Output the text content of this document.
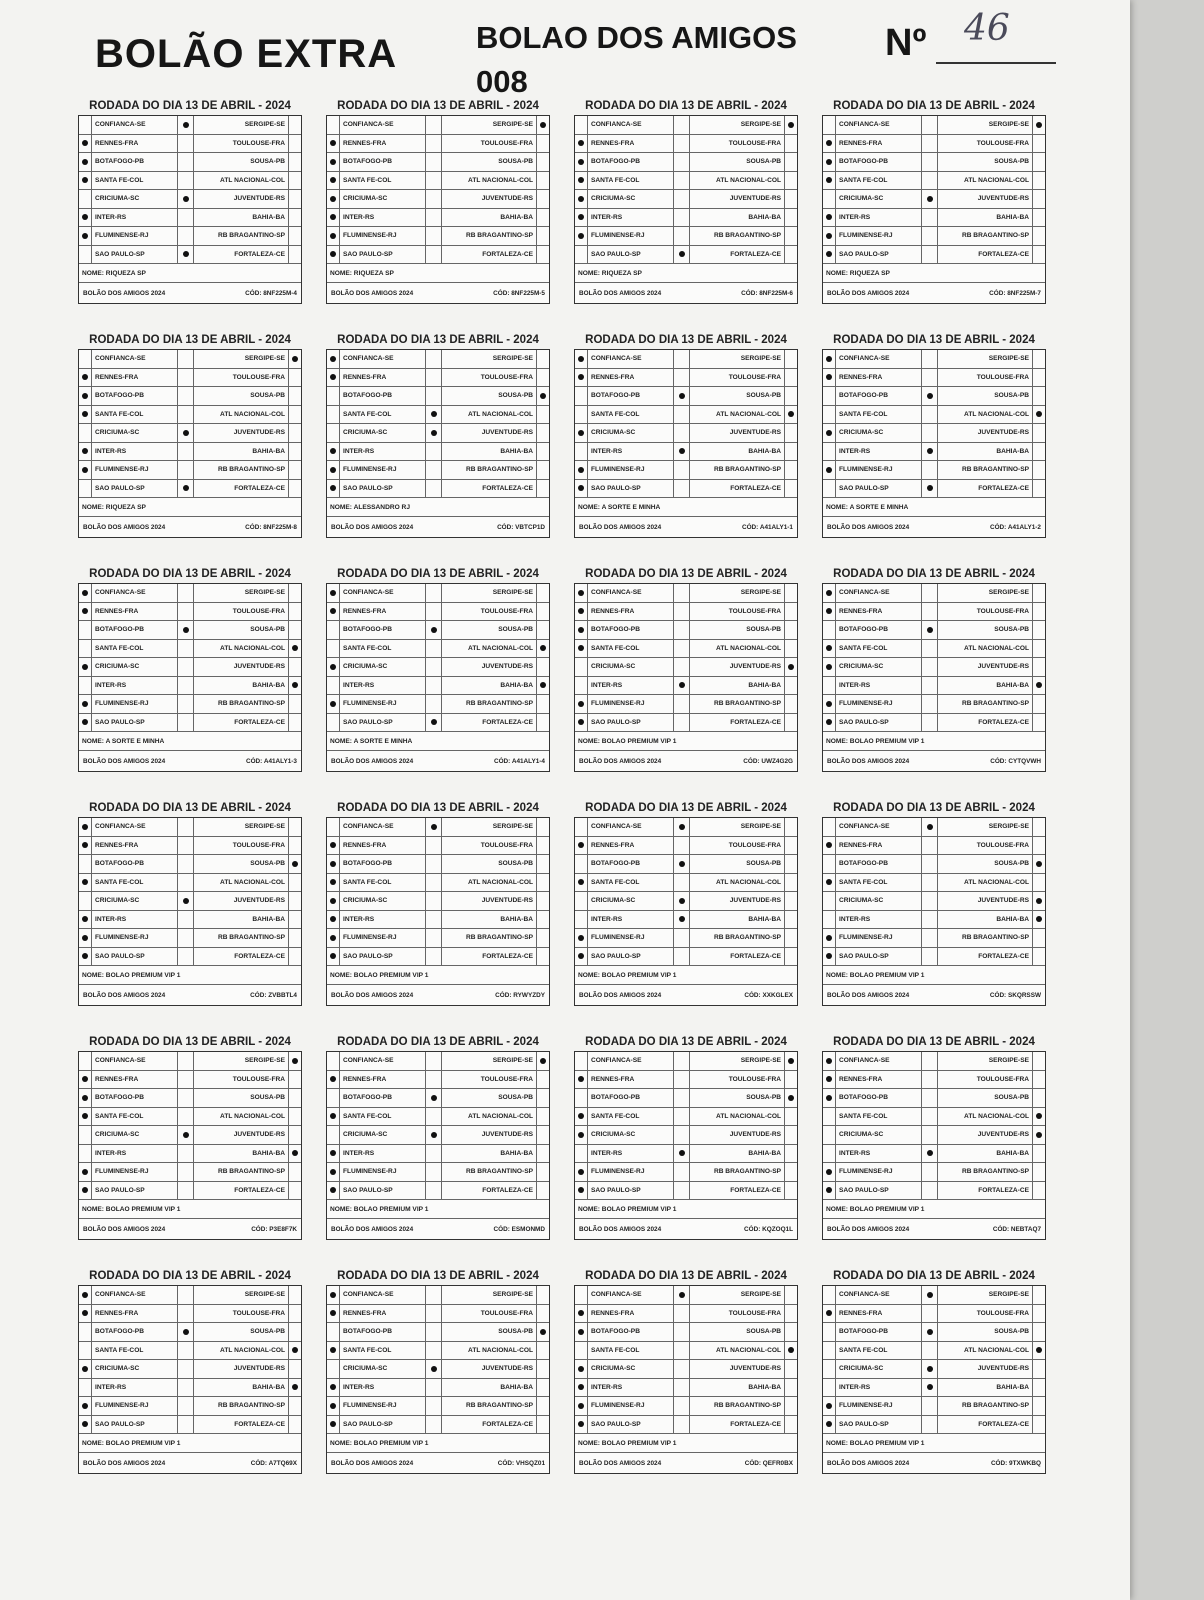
BOLÃO EXTRA	BOLAO DOS AMIGOS
008
Nº 46
RODADA DO DIA 13 DE ABRIL - 2024
CONFIANCA-SE	SERGIPE-SE
RENNES-FRA	TOULOUSE-FRA
BOTAFOGO-PB	SOUSA-PB
SANTA FE-COL	ATL NACIONAL-COL
CRICIUMA-SC	JUVENTUDE-RS
INTER-RS	BAHIA-BA
FLUMINENSE-RJ	RB BRAGANTINO-SP
SAO PAULO-SP	FORTALEZA-CE
NOME: RIQUEZA SP
BOLÃO DOS AMIGOS 2024	CÓD: 8NF225M-4
RODADA DO DIA 13 DE ABRIL - 2024
CONFIANCA-SE	SERGIPE-SE
RENNES-FRA	TOULOUSE-FRA
BOTAFOGO-PB	SOUSA-PB
SANTA FE-COL	ATL NACIONAL-COL
CRICIUMA-SC	JUVENTUDE-RS
INTER-RS	BAHIA-BA
FLUMINENSE-RJ	RB BRAGANTINO-SP
SAO PAULO-SP	FORTALEZA-CE
NOME: RIQUEZA SP
BOLÃO DOS AMIGOS 2024	CÓD: 8NF225M-5
RODADA DO DIA 13 DE ABRIL - 2024
CONFIANCA-SE	SERGIPE-SE
RENNES-FRA	TOULOUSE-FRA
BOTAFOGO-PB	SOUSA-PB
SANTA FE-COL	ATL NACIONAL-COL
CRICIUMA-SC	JUVENTUDE-RS
INTER-RS	BAHIA-BA
FLUMINENSE-RJ	RB BRAGANTINO-SP
SAO PAULO-SP	FORTALEZA-CE
NOME: RIQUEZA SP
BOLÃO DOS AMIGOS 2024	CÓD: 8NF225M-6
RODADA DO DIA 13 DE ABRIL - 2024
CONFIANCA-SE	SERGIPE-SE
RENNES-FRA	TOULOUSE-FRA
BOTAFOGO-PB	SOUSA-PB
SANTA FE-COL	ATL NACIONAL-COL
CRICIUMA-SC	JUVENTUDE-RS
INTER-RS	BAHIA-BA
FLUMINENSE-RJ	RB BRAGANTINO-SP
SAO PAULO-SP	FORTALEZA-CE
NOME: RIQUEZA SP
BOLÃO DOS AMIGOS 2024	CÓD: 8NF225M-7
RODADA DO DIA 13 DE ABRIL - 2024
CONFIANCA-SE	SERGIPE-SE
RENNES-FRA	TOULOUSE-FRA
BOTAFOGO-PB	SOUSA-PB
SANTA FE-COL	ATL NACIONAL-COL
CRICIUMA-SC	JUVENTUDE-RS
INTER-RS	BAHIA-BA
FLUMINENSE-RJ	RB BRAGANTINO-SP
SAO PAULO-SP	FORTALEZA-CE
NOME: RIQUEZA SP
BOLÃO DOS AMIGOS 2024	CÓD: 8NF225M-8
RODADA DO DIA 13 DE ABRIL - 2024
CONFIANCA-SE	SERGIPE-SE
RENNES-FRA	TOULOUSE-FRA
BOTAFOGO-PB	SOUSA-PB
SANTA FE-COL	ATL NACIONAL-COL
CRICIUMA-SC	JUVENTUDE-RS
INTER-RS	BAHIA-BA
FLUMINENSE-RJ	RB BRAGANTINO-SP
SAO PAULO-SP	FORTALEZA-CE
NOME: ALESSANDRO RJ
BOLÃO DOS AMIGOS 2024	CÓD: VBTCP1D
RODADA DO DIA 13 DE ABRIL - 2024
CONFIANCA-SE	SERGIPE-SE
RENNES-FRA	TOULOUSE-FRA
BOTAFOGO-PB	SOUSA-PB
SANTA FE-COL	ATL NACIONAL-COL
CRICIUMA-SC	JUVENTUDE-RS
INTER-RS	BAHIA-BA
FLUMINENSE-RJ	RB BRAGANTINO-SP
SAO PAULO-SP	FORTALEZA-CE
NOME: A SORTE E MINHA
BOLÃO DOS AMIGOS 2024	CÓD: A41ALY1-1
RODADA DO DIA 13 DE ABRIL - 2024
CONFIANCA-SE	SERGIPE-SE
RENNES-FRA	TOULOUSE-FRA
BOTAFOGO-PB	SOUSA-PB
SANTA FE-COL	ATL NACIONAL-COL
CRICIUMA-SC	JUVENTUDE-RS
INTER-RS	BAHIA-BA
FLUMINENSE-RJ	RB BRAGANTINO-SP
SAO PAULO-SP	FORTALEZA-CE
NOME: A SORTE E MINHA
BOLÃO DOS AMIGOS 2024	CÓD: A41ALY1-2
RODADA DO DIA 13 DE ABRIL - 2024
CONFIANCA-SE	SERGIPE-SE
RENNES-FRA	TOULOUSE-FRA
BOTAFOGO-PB	SOUSA-PB
SANTA FE-COL	ATL NACIONAL-COL
CRICIUMA-SC	JUVENTUDE-RS
INTER-RS	BAHIA-BA
FLUMINENSE-RJ	RB BRAGANTINO-SP
SAO PAULO-SP	FORTALEZA-CE
NOME: A SORTE E MINHA
BOLÃO DOS AMIGOS 2024	CÓD: A41ALY1-3
RODADA DO DIA 13 DE ABRIL - 2024
CONFIANCA-SE	SERGIPE-SE
RENNES-FRA	TOULOUSE-FRA
BOTAFOGO-PB	SOUSA-PB
SANTA FE-COL	ATL NACIONAL-COL
CRICIUMA-SC	JUVENTUDE-RS
INTER-RS	BAHIA-BA
FLUMINENSE-RJ	RB BRAGANTINO-SP
SAO PAULO-SP	FORTALEZA-CE
NOME: A SORTE E MINHA
BOLÃO DOS AMIGOS 2024	CÓD: A41ALY1-4
RODADA DO DIA 13 DE ABRIL - 2024
CONFIANCA-SE	SERGIPE-SE
RENNES-FRA	TOULOUSE-FRA
BOTAFOGO-PB	SOUSA-PB
SANTA FE-COL	ATL NACIONAL-COL
CRICIUMA-SC	JUVENTUDE-RS
INTER-RS	BAHIA-BA
FLUMINENSE-RJ	RB BRAGANTINO-SP
SAO PAULO-SP	FORTALEZA-CE
NOME: BOLAO PREMIUM VIP 1
BOLÃO DOS AMIGOS 2024	CÓD: UWZ4G2G
RODADA DO DIA 13 DE ABRIL - 2024
CONFIANCA-SE	SERGIPE-SE
RENNES-FRA	TOULOUSE-FRA
BOTAFOGO-PB	SOUSA-PB
SANTA FE-COL	ATL NACIONAL-COL
CRICIUMA-SC	JUVENTUDE-RS
INTER-RS	BAHIA-BA
FLUMINENSE-RJ	RB BRAGANTINO-SP
SAO PAULO-SP	FORTALEZA-CE
NOME: BOLAO PREMIUM VIP 1
BOLÃO DOS AMIGOS 2024	CÓD: CYTQVWH
RODADA DO DIA 13 DE ABRIL - 2024
CONFIANCA-SE	SERGIPE-SE
RENNES-FRA	TOULOUSE-FRA
BOTAFOGO-PB	SOUSA-PB
SANTA FE-COL	ATL NACIONAL-COL
CRICIUMA-SC	JUVENTUDE-RS
INTER-RS	BAHIA-BA
FLUMINENSE-RJ	RB BRAGANTINO-SP
SAO PAULO-SP	FORTALEZA-CE
NOME: BOLAO PREMIUM VIP 1
BOLÃO DOS AMIGOS 2024	CÓD: ZVBBTL4
RODADA DO DIA 13 DE ABRIL - 2024
CONFIANCA-SE	SERGIPE-SE
RENNES-FRA	TOULOUSE-FRA
BOTAFOGO-PB	SOUSA-PB
SANTA FE-COL	ATL NACIONAL-COL
CRICIUMA-SC	JUVENTUDE-RS
INTER-RS	BAHIA-BA
FLUMINENSE-RJ	RB BRAGANTINO-SP
SAO PAULO-SP	FORTALEZA-CE
NOME: BOLAO PREMIUM VIP 1
BOLÃO DOS AMIGOS 2024	CÓD: RYWYZDY
RODADA DO DIA 13 DE ABRIL - 2024
CONFIANCA-SE	SERGIPE-SE
RENNES-FRA	TOULOUSE-FRA
BOTAFOGO-PB	SOUSA-PB
SANTA FE-COL	ATL NACIONAL-COL
CRICIUMA-SC	JUVENTUDE-RS
INTER-RS	BAHIA-BA
FLUMINENSE-RJ	RB BRAGANTINO-SP
SAO PAULO-SP	FORTALEZA-CE
NOME: BOLAO PREMIUM VIP 1
BOLÃO DOS AMIGOS 2024	CÓD: XXKGLEX
RODADA DO DIA 13 DE ABRIL - 2024
CONFIANCA-SE	SERGIPE-SE
RENNES-FRA	TOULOUSE-FRA
BOTAFOGO-PB	SOUSA-PB
SANTA FE-COL	ATL NACIONAL-COL
CRICIUMA-SC	JUVENTUDE-RS
INTER-RS	BAHIA-BA
FLUMINENSE-RJ	RB BRAGANTINO-SP
SAO PAULO-SP	FORTALEZA-CE
NOME: BOLAO PREMIUM VIP 1
BOLÃO DOS AMIGOS 2024	CÓD: SKQRSSW
RODADA DO DIA 13 DE ABRIL - 2024
CONFIANCA-SE	SERGIPE-SE
RENNES-FRA	TOULOUSE-FRA
BOTAFOGO-PB	SOUSA-PB
SANTA FE-COL	ATL NACIONAL-COL
CRICIUMA-SC	JUVENTUDE-RS
INTER-RS	BAHIA-BA
FLUMINENSE-RJ	RB BRAGANTINO-SP
SAO PAULO-SP	FORTALEZA-CE
NOME: BOLAO PREMIUM VIP 1
BOLÃO DOS AMIGOS 2024	CÓD: P3E8F7K
RODADA DO DIA 13 DE ABRIL - 2024
CONFIANCA-SE	SERGIPE-SE
RENNES-FRA	TOULOUSE-FRA
BOTAFOGO-PB	SOUSA-PB
SANTA FE-COL	ATL NACIONAL-COL
CRICIUMA-SC	JUVENTUDE-RS
INTER-RS	BAHIA-BA
FLUMINENSE-RJ	RB BRAGANTINO-SP
SAO PAULO-SP	FORTALEZA-CE
NOME: BOLAO PREMIUM VIP 1
BOLÃO DOS AMIGOS 2024	CÓD: ESMONMD
RODADA DO DIA 13 DE ABRIL - 2024
CONFIANCA-SE	SERGIPE-SE
RENNES-FRA	TOULOUSE-FRA
BOTAFOGO-PB	SOUSA-PB
SANTA FE-COL	ATL NACIONAL-COL
CRICIUMA-SC	JUVENTUDE-RS
INTER-RS	BAHIA-BA
FLUMINENSE-RJ	RB BRAGANTINO-SP
SAO PAULO-SP	FORTALEZA-CE
NOME: BOLAO PREMIUM VIP 1
BOLÃO DOS AMIGOS 2024	CÓD: KQZOQ1L
RODADA DO DIA 13 DE ABRIL - 2024
CONFIANCA-SE	SERGIPE-SE
RENNES-FRA	TOULOUSE-FRA
BOTAFOGO-PB	SOUSA-PB
SANTA FE-COL	ATL NACIONAL-COL
CRICIUMA-SC	JUVENTUDE-RS
INTER-RS	BAHIA-BA
FLUMINENSE-RJ	RB BRAGANTINO-SP
SAO PAULO-SP	FORTALEZA-CE
NOME: BOLAO PREMIUM VIP 1
BOLÃO DOS AMIGOS 2024	CÓD: NEBTAQ7
RODADA DO DIA 13 DE ABRIL - 2024
CONFIANCA-SE	SERGIPE-SE
RENNES-FRA	TOULOUSE-FRA
BOTAFOGO-PB	SOUSA-PB
SANTA FE-COL	ATL NACIONAL-COL
CRICIUMA-SC	JUVENTUDE-RS
INTER-RS	BAHIA-BA
FLUMINENSE-RJ	RB BRAGANTINO-SP
SAO PAULO-SP	FORTALEZA-CE
NOME: BOLAO PREMIUM VIP 1
BOLÃO DOS AMIGOS 2024	CÓD: A7TQ69X
RODADA DO DIA 13 DE ABRIL - 2024
CONFIANCA-SE	SERGIPE-SE
RENNES-FRA	TOULOUSE-FRA
BOTAFOGO-PB	SOUSA-PB
SANTA FE-COL	ATL NACIONAL-COL
CRICIUMA-SC	JUVENTUDE-RS
INTER-RS	BAHIA-BA
FLUMINENSE-RJ	RB BRAGANTINO-SP
SAO PAULO-SP	FORTALEZA-CE
NOME: BOLAO PREMIUM VIP 1
BOLÃO DOS AMIGOS 2024	CÓD: VHSQZ01
RODADA DO DIA 13 DE ABRIL - 2024
CONFIANCA-SE	SERGIPE-SE
RENNES-FRA	TOULOUSE-FRA
BOTAFOGO-PB	SOUSA-PB
SANTA FE-COL	ATL NACIONAL-COL
CRICIUMA-SC	JUVENTUDE-RS
INTER-RS	BAHIA-BA
FLUMINENSE-RJ	RB BRAGANTINO-SP
SAO PAULO-SP	FORTALEZA-CE
NOME: BOLAO PREMIUM VIP 1
BOLÃO DOS AMIGOS 2024	CÓD: QEFR0BX
RODADA DO DIA 13 DE ABRIL - 2024
CONFIANCA-SE	SERGIPE-SE
RENNES-FRA	TOULOUSE-FRA
BOTAFOGO-PB	SOUSA-PB
SANTA FE-COL	ATL NACIONAL-COL
CRICIUMA-SC	JUVENTUDE-RS
INTER-RS	BAHIA-BA
FLUMINENSE-RJ	RB BRAGANTINO-SP
SAO PAULO-SP	FORTALEZA-CE
NOME: BOLAO PREMIUM VIP 1
BOLÃO DOS AMIGOS 2024	CÓD: 9TXWKBQ
